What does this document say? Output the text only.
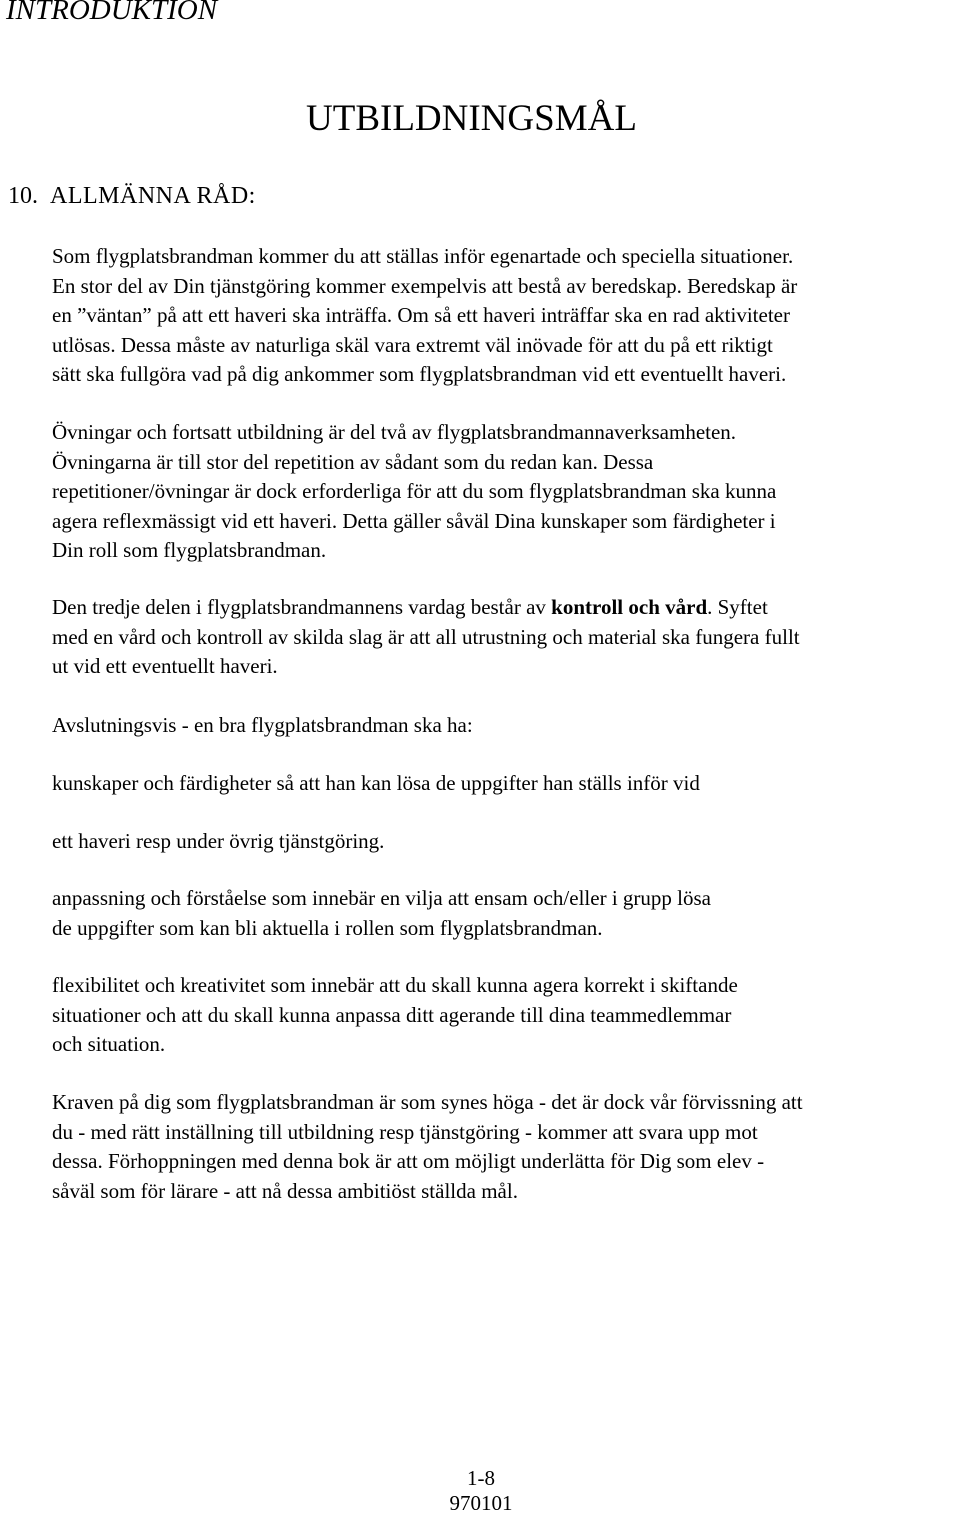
INTRODUKTION
UTBILDNINGSMÅL
10. ALLMÄNNA RÅD:
Som flygplatsbrandman kommer du att ställas inför egenartade och speciella situationer.
En stor del av Din tjänstgöring kommer exempelvis att bestå av beredskap. Beredskap är
en ”väntan” på att ett haveri ska inträffa. Om så ett haveri inträffar ska en rad aktiviteter
utlösas. Dessa måste av naturliga skäl vara extremt väl inövade för att du på ett riktigt
sätt ska fullgöra vad på dig ankommer som flygplatsbrandman vid ett eventuellt haveri.
Övningar och fortsatt utbildning är del två av flygplatsbrandmannaverksamheten.
Övningarna är till stor del repetition av sådant som du redan kan. Dessa
repetitioner/övningar är dock erforderliga för att du som flygplatsbrandman ska kunna
agera reflexmässigt vid ett haveri. Detta gäller såväl Dina kunskaper som färdigheter i
Din roll som flygplatsbrandman.
Den tredje delen i flygplatsbrandmannens vardag består av kontroll och vård. Syftet
med en vård och kontroll av skilda slag är att all utrustning och material ska fungera fullt
ut vid ett eventuellt haveri.
Avslutningsvis - en bra flygplatsbrandman ska ha:
kunskaper och färdigheter så att han kan lösa de uppgifter han ställs inför vid
ett haveri resp under övrig tjänstgöring.
anpassning och förståelse som innebär en vilja att ensam och/eller i grupp lösa
de uppgifter som kan bli aktuella i rollen som flygplatsbrandman.
flexibilitet och kreativitet som innebär att du skall kunna agera korrekt i skiftande
situationer och att du skall kunna anpassa ditt agerande till dina teammedlemmar
och situation.
Kraven på dig som flygplatsbrandman är som synes höga - det är dock vår förvissning att
du - med rätt inställning till utbildning resp tjänstgöring - kommer att svara upp mot
dessa. Förhoppningen med denna bok är att om möjligt underlätta för Dig som elev -
såväl som för lärare - att nå dessa ambitiöst ställda mål.
1-8
970101
